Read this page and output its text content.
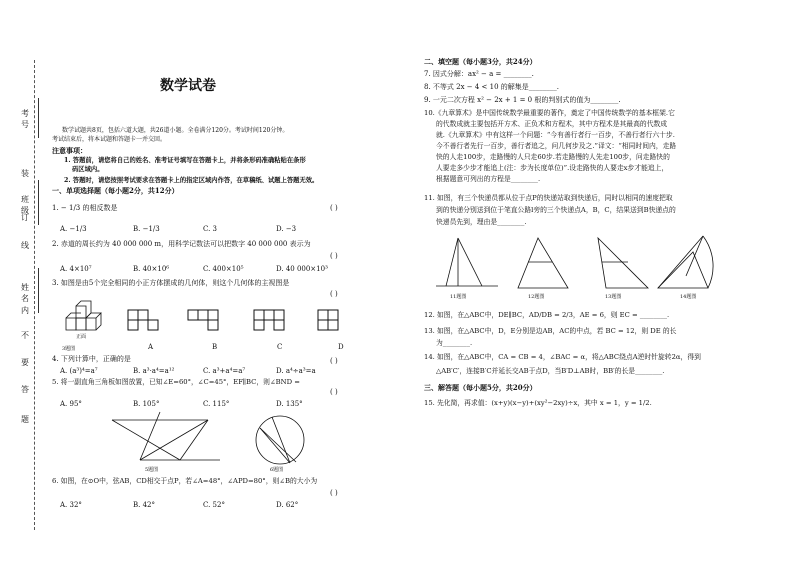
考号
装
班级
订
线
姓名
内
不
要
答
题
数学试卷
数学试题共8页，包括六道大题，共26道小题。全卷满分120分。考试时间120分钟。
考试结束后，将本试题和答题卡一并交回。
注意事项：
1. 答题前，请您将自己的姓名、准考证号填写在答题卡上，并将条形码准确粘贴在条形
码区域内。
2. 答题时，请您按照考试要求在答题卡上的指定区域内作答，在草稿纸、试题上答题无效。
一、单项选择题（每小题2分，共12分）
1. − 1/3 的相反数是	( )
A. −1/3	B. −1/3	C. 3	D. −3
2. 赤道的周长约为 40 000 000 m，用科学记数法可以把数字 40 000 000 表示为
( )
A. 4×10⁷	B. 40×10⁶	C. 400×10⁵	D. 40 000×10³
3. 如图是由5个完全相同的小正方体摆成的几何体，则这个几何体的主视图是
( )
正面
3题图	A	B	C	D
4. 下列计算中，正确的是	( )
A. (a³)⁴=a⁷	B. a³·a⁴=a¹²	C. a³+a⁴=a⁷	D. a⁴÷a³=a
5. 将一副直角三角板如图放置，已知∠E=60°，∠C=45°，EF∥BC，则∠BND =
( )
A. 95°	B. 105°	C. 115°	D. 135°
5题图	6题图
6. 如图，在⊙O中，弦AB，CD相交于点P，若∠A=48°，∠APD=80°，则∠B的大小为
( )
A. 32°	B. 42°	C. 52°	D. 62°
二、填空题（每小题3分，共24分）
7. 因式分解：ax² − a = ________.
8. 不等式 2x − 4 < 10 的解集是________.
9. 一元二次方程 x² − 2x + 1 = 0 根的判别式的值为________.
10.《九章算术》是中国传统数学最重要的著作，奠定了中国传统数学的基本框架.它
的代数成就主要包括开方术、正负术和方程术，其中方程术是其最高的代数成
就.《九章算术》中有这样一个问题：“今有善行者行一百步，不善行者行六十步.
今不善行者先行一百步，善行者追之，问几何步及之.”译文：“相同时间内，走路
快的人走100步，走路慢的人只走60步.若走路慢的人先走100步，问走路快的
人要走多少步才能追上(注：步为长度单位)”.设走路快的人要走x步才能追上，
根据题意可列出的方程是________.
11. 如图，有三个快递员都从位于点P的快递站取到快递后，同时以相同的速度把取
到的快递分别送到位于笔直公路l旁的三个快递点A，B，C，结果送到B快递点的
快递员先到，理由是________.
11题图	12题图	13题图	14题图
12. 如图，在△ABC中，DE∥BC，AD/DB = 2/3，AE = 6，则 EC = ________.
13. 如图，在△ABC中，D，E分别是边AB，AC的中点，若 BC = 12，则 DE 的长
为________.
14. 如图，在△ABC中，CA = CB = 4，∠BAC = α，将△ABC绕点A逆时针旋转2α，得到
△AB′C′，连接B′C并延长交AB于点D，当B′D⊥AB时，BB′的长是________.
三、解答题（每小题5分，共20分）
15. 先化简，再求值：(x+y)(x−y)+(xy²−2xy)÷x，其中 x = 1，y = 1/2.
